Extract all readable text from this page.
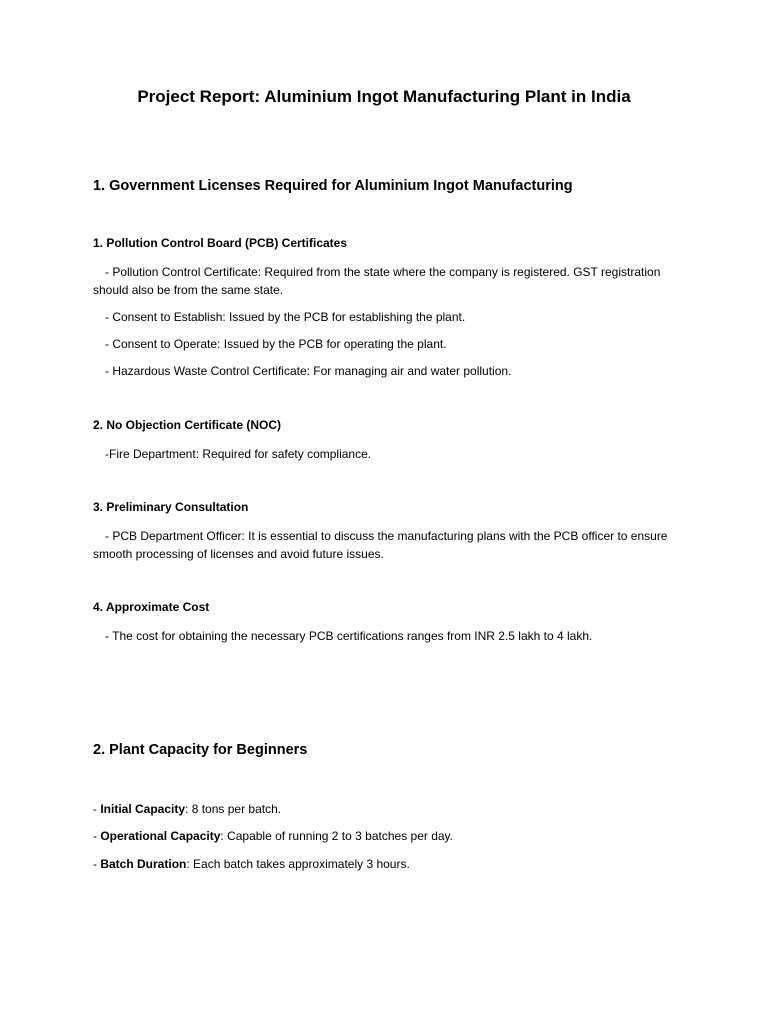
Project Report: Aluminium Ingot Manufacturing Plant in India
1. Government Licenses Required for Aluminium Ingot Manufacturing
1. Pollution Control Board (PCB) Certificates

- Pollution Control Certificate: Required from the state where the company is registered. GST registration should also be from the same state.

- Consent to Establish: Issued by the PCB for establishing the plant.

- Consent to Operate: Issued by the PCB for operating the plant.

- Hazardous Waste Control Certificate: For managing air and water pollution.

2. No Objection Certificate (NOC)

-Fire Department: Required for safety compliance.

3. Preliminary Consultation

- PCB Department Officer: It is essential to discuss the manufacturing plans with the PCB officer to ensure smooth processing of licenses and avoid future issues.

4. Approximate Cost

- The cost for obtaining the necessary PCB certifications ranges from INR 2.5 lakh to 4 lakh.

2. Plant Capacity for Beginners

- Initial Capacity: 8 tons per batch.

- Operational Capacity: Capable of running 2 to 3 batches per day.

- Batch Duration: Each batch takes approximately 3 hours.
